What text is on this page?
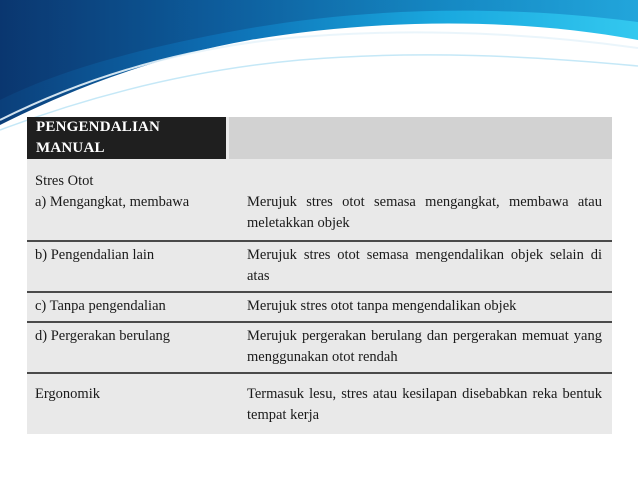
PENGENDALIAN MANUAL	

Stres Otot
a) Mengangkat, membawa	Merujuk stres otot semasa mengangkat, membawa atau meletakkan objek
b) Pengendalian lain	Merujuk stres otot semasa mengendalikan objek selain di atas
c) Tanpa pengendalian	Merujuk stres otot tanpa mengendalikan objek
d) Pergerakan berulang	Merujuk pergerakan berulang dan pergerakan memuat yang menggunakan otot rendah
Ergonomik	Termasuk lesu, stres atau kesilapan disebabkan reka bentuk tempat kerja
